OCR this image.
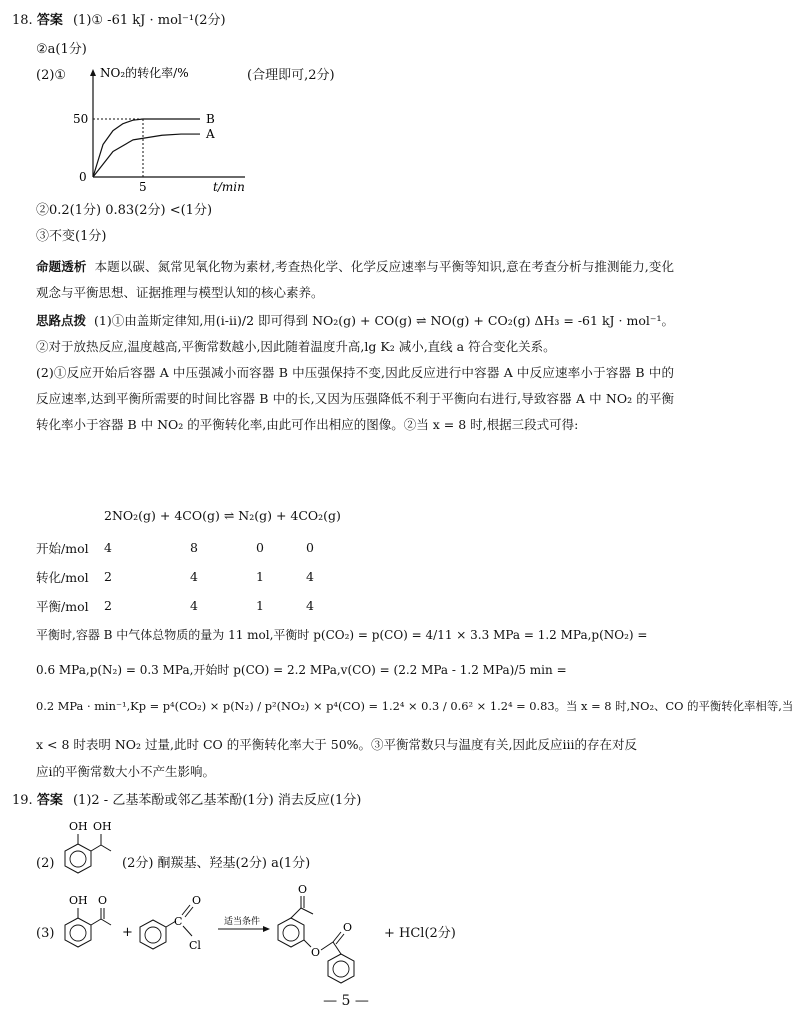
18. 答案 (1)① -61 kJ · mol⁻¹(2分)
②a(1分)
(2)①	(合理即可,2分)
NO₂的转化率/%
B
A
50
5
0
t/min
②0.2(1分) 0.83(2分) <(1分)
③不变(1分)

命题透析 本题以碳、氮常见氧化物为素材,考查热化学、化学反应速率与平衡等知识,意在考查分析与推测能力,变化观念与平衡思想、证据推理与模型认知的核心素养。

思路点拨 (1)①由盖斯定律知,用(ⅰ-ⅱ)/2 即可得到 NO₂(g) + CO(g) ⇌ NO(g) + CO₂(g) ΔH₃ = -61 kJ · mol⁻¹。②对于放热反应,温度越高,平衡常数越小,因此随着温度升高,lg K₂ 减小,直线 a 符合变化关系。

(2)①反应开始后容器 A 中压强减小而容器 B 中压强保持不变,因此反应进行中容器 A 中反应速率小于容器 B 中的反应速率,达到平衡所需要的时间比容器 B 中的长,又因为压强降低不利于平衡向右进行,导致容器 A 中 NO₂ 的平衡转化率小于容器 B 中 NO₂ 的平衡转化率,由此可作出相应的图像。②当 x = 8 时,根据三段式可得:

2NO₂(g) + 4CO(g) ⇌ N₂(g) + 4CO₂(g)
开始/mol	4	8	0	0
转化/mol	2	4	1	4
平衡/mol	2	4	1	4
平衡时,容器 B 中气体总物质的量为 11 mol,平衡时 p(CO₂) = p(CO) = 4/11 × 3.3 MPa = 1.2 MPa,p(NO₂) =
0.6 MPa,p(N₂) = 0.3 MPa,开始时 p(CO) = 2.2 MPa,v(CO) = (2.2 MPa - 1.2 MPa)/5 min =
0.2 MPa · min⁻¹,Kp = p⁴(CO₂) × p(N₂) / p²(NO₂) × p⁴(CO) = 1.2⁴ × 0.3 / 0.6² × 1.2⁴ = 0.83。当 x = 8 时,NO₂、CO 的平衡转化率相等,当
x < 8 时表明 NO₂ 过量,此时 CO 的平衡转化率大于 50%。③平衡常数只与温度有关,因此反应ⅲ的存在对反
应ⅰ的平衡常数大小不产生影响。
19. 答案 (1)2 - 乙基苯酚或邻乙基苯酚(1分) 消去反应(1分)
(2)
OH OH
(2分) 酮羰基、羟基(2分) a(1分)
(3)
OH O
+
C
O
Cl
适当条件
O
O
O + HCl(2分)
— 5 —
